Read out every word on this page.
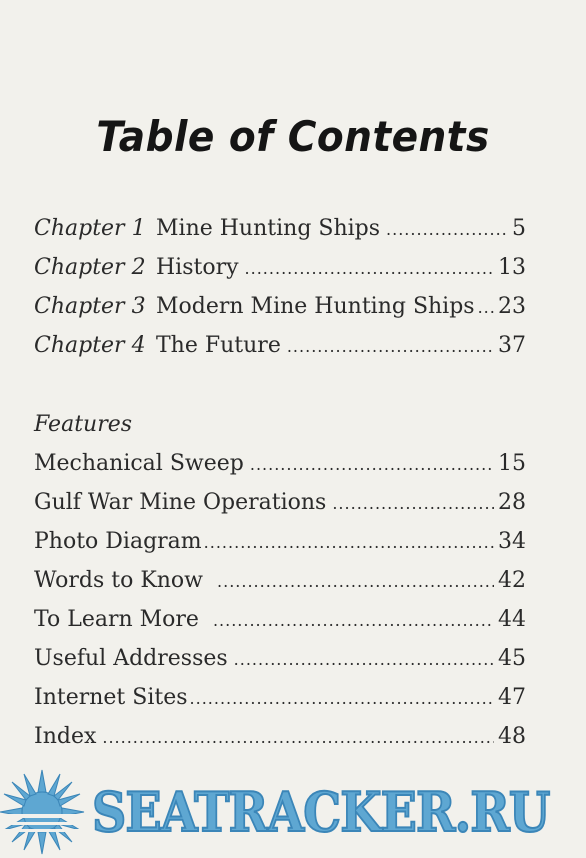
Table of Contents
Chapter 1 Mine Hunting Ships .....	5
Chapter 2 History .....	13
Chapter 3 Modern Mine Hunting Ships ..... 23
Chapter 4 The Future .....	37
Features
Mechanical Sweep .....	15
Gulf War Mine Operations .....	28
Photo Diagram .....	34
Words to Know .....	42
To Learn More .....	44
Useful Addresses .....	45
Internet Sites .....	47
Index .....	48
SEATRACKER.RU
